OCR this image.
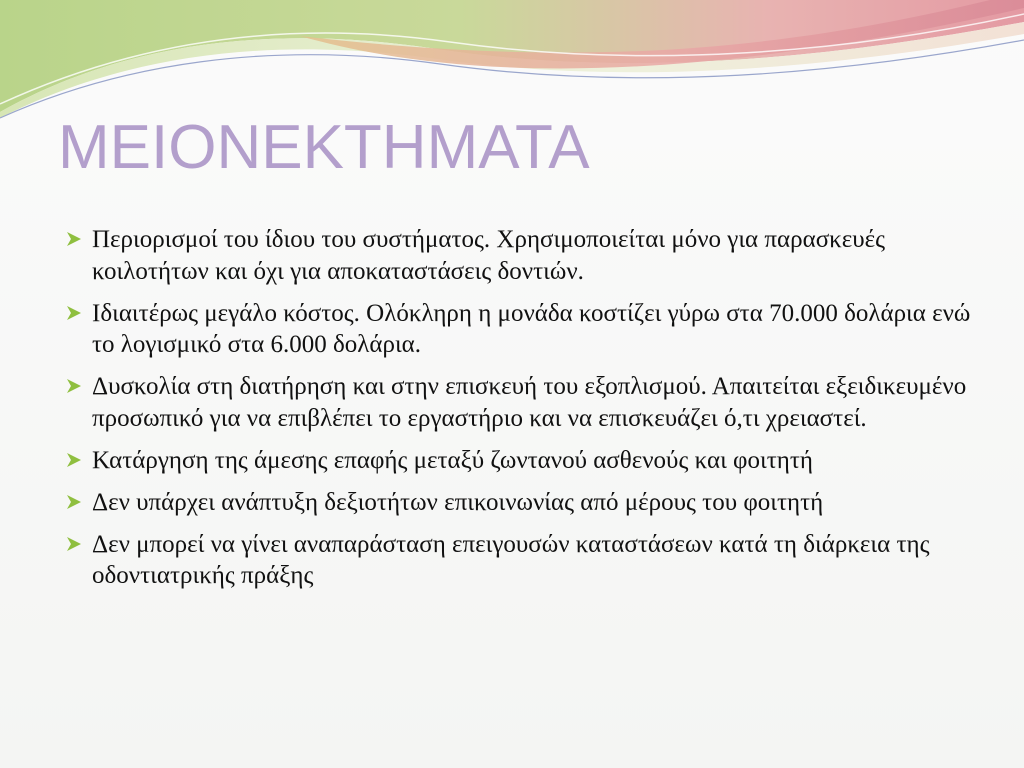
ΜΕΙΟΝΕΚΤΗΜΑΤΑ
Περιορισμοί του ίδιου του συστήματος. Χρησιμοποιείται μόνο για παρασκευές κοιλοτήτων και όχι για αποκαταστάσεις δοντιών.
Ιδιαιτέρως μεγάλο κόστος. Ολόκληρη η μονάδα κοστίζει γύρω στα 70.000 δολάρια ενώ το λογισμικό στα 6.000 δολάρια.
Δυσκολία στη διατήρηση και στην επισκευή του εξοπλισμού. Απαιτείται εξειδικευμένο προσωπικό για να επιβλέπει το εργαστήριο και να επισκευάζει ό,τι χρειαστεί.
Κατάργηση της άμεσης επαφής μεταξύ ζωντανού ασθενούς και φοιτητή
Δεν υπάρχει ανάπτυξη δεξιοτήτων επικοινωνίας από μέρους του φοιτητή
Δεν μπορεί να γίνει αναπαράσταση επειγουσών καταστάσεων κατά τη διάρκεια της οδοντιατρικής πράξης
